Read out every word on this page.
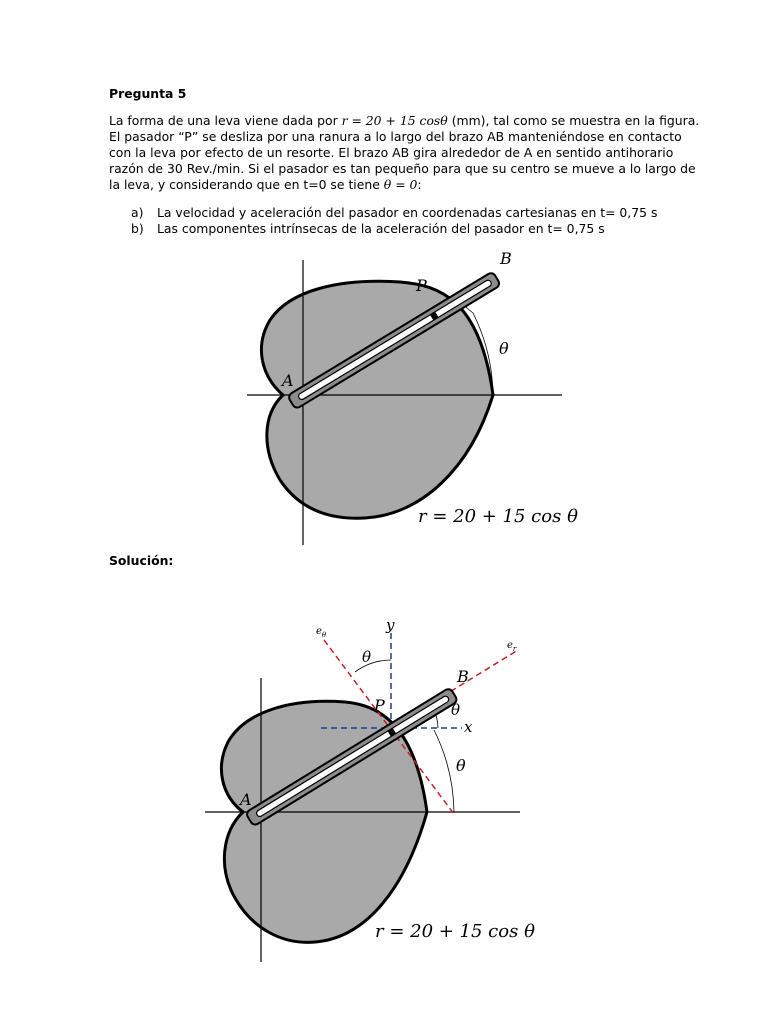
Pregunta 5
La forma de una leva viene dada por r = 20 + 15 cosθ (mm), tal como se muestra en la figura.
El pasador “P” se desliza por una ranura a lo largo del brazo AB manteniéndose en contacto
con la leva por efecto de un resorte. El brazo AB gira alrededor de A en sentido antihorario
razón de 30 Rev./min. Si el pasador es tan pequeño para que su centro se mueve a lo largo de
la leva, y considerando que en t=0 se tiene θ = 0:
a) La velocidad y aceleración del pasador en coordenadas cartesianas en t= 0,75 s
b) Las componentes intrínsecas de la aceleración del pasador en t= 0,75 s
Solución:
A
B
P
θ
r = 20 + 15 cos θ
A
B
P
y
x
$e_\theta$
$e_r$
θ
θ
θ
r = 20 + 15 cos θ
